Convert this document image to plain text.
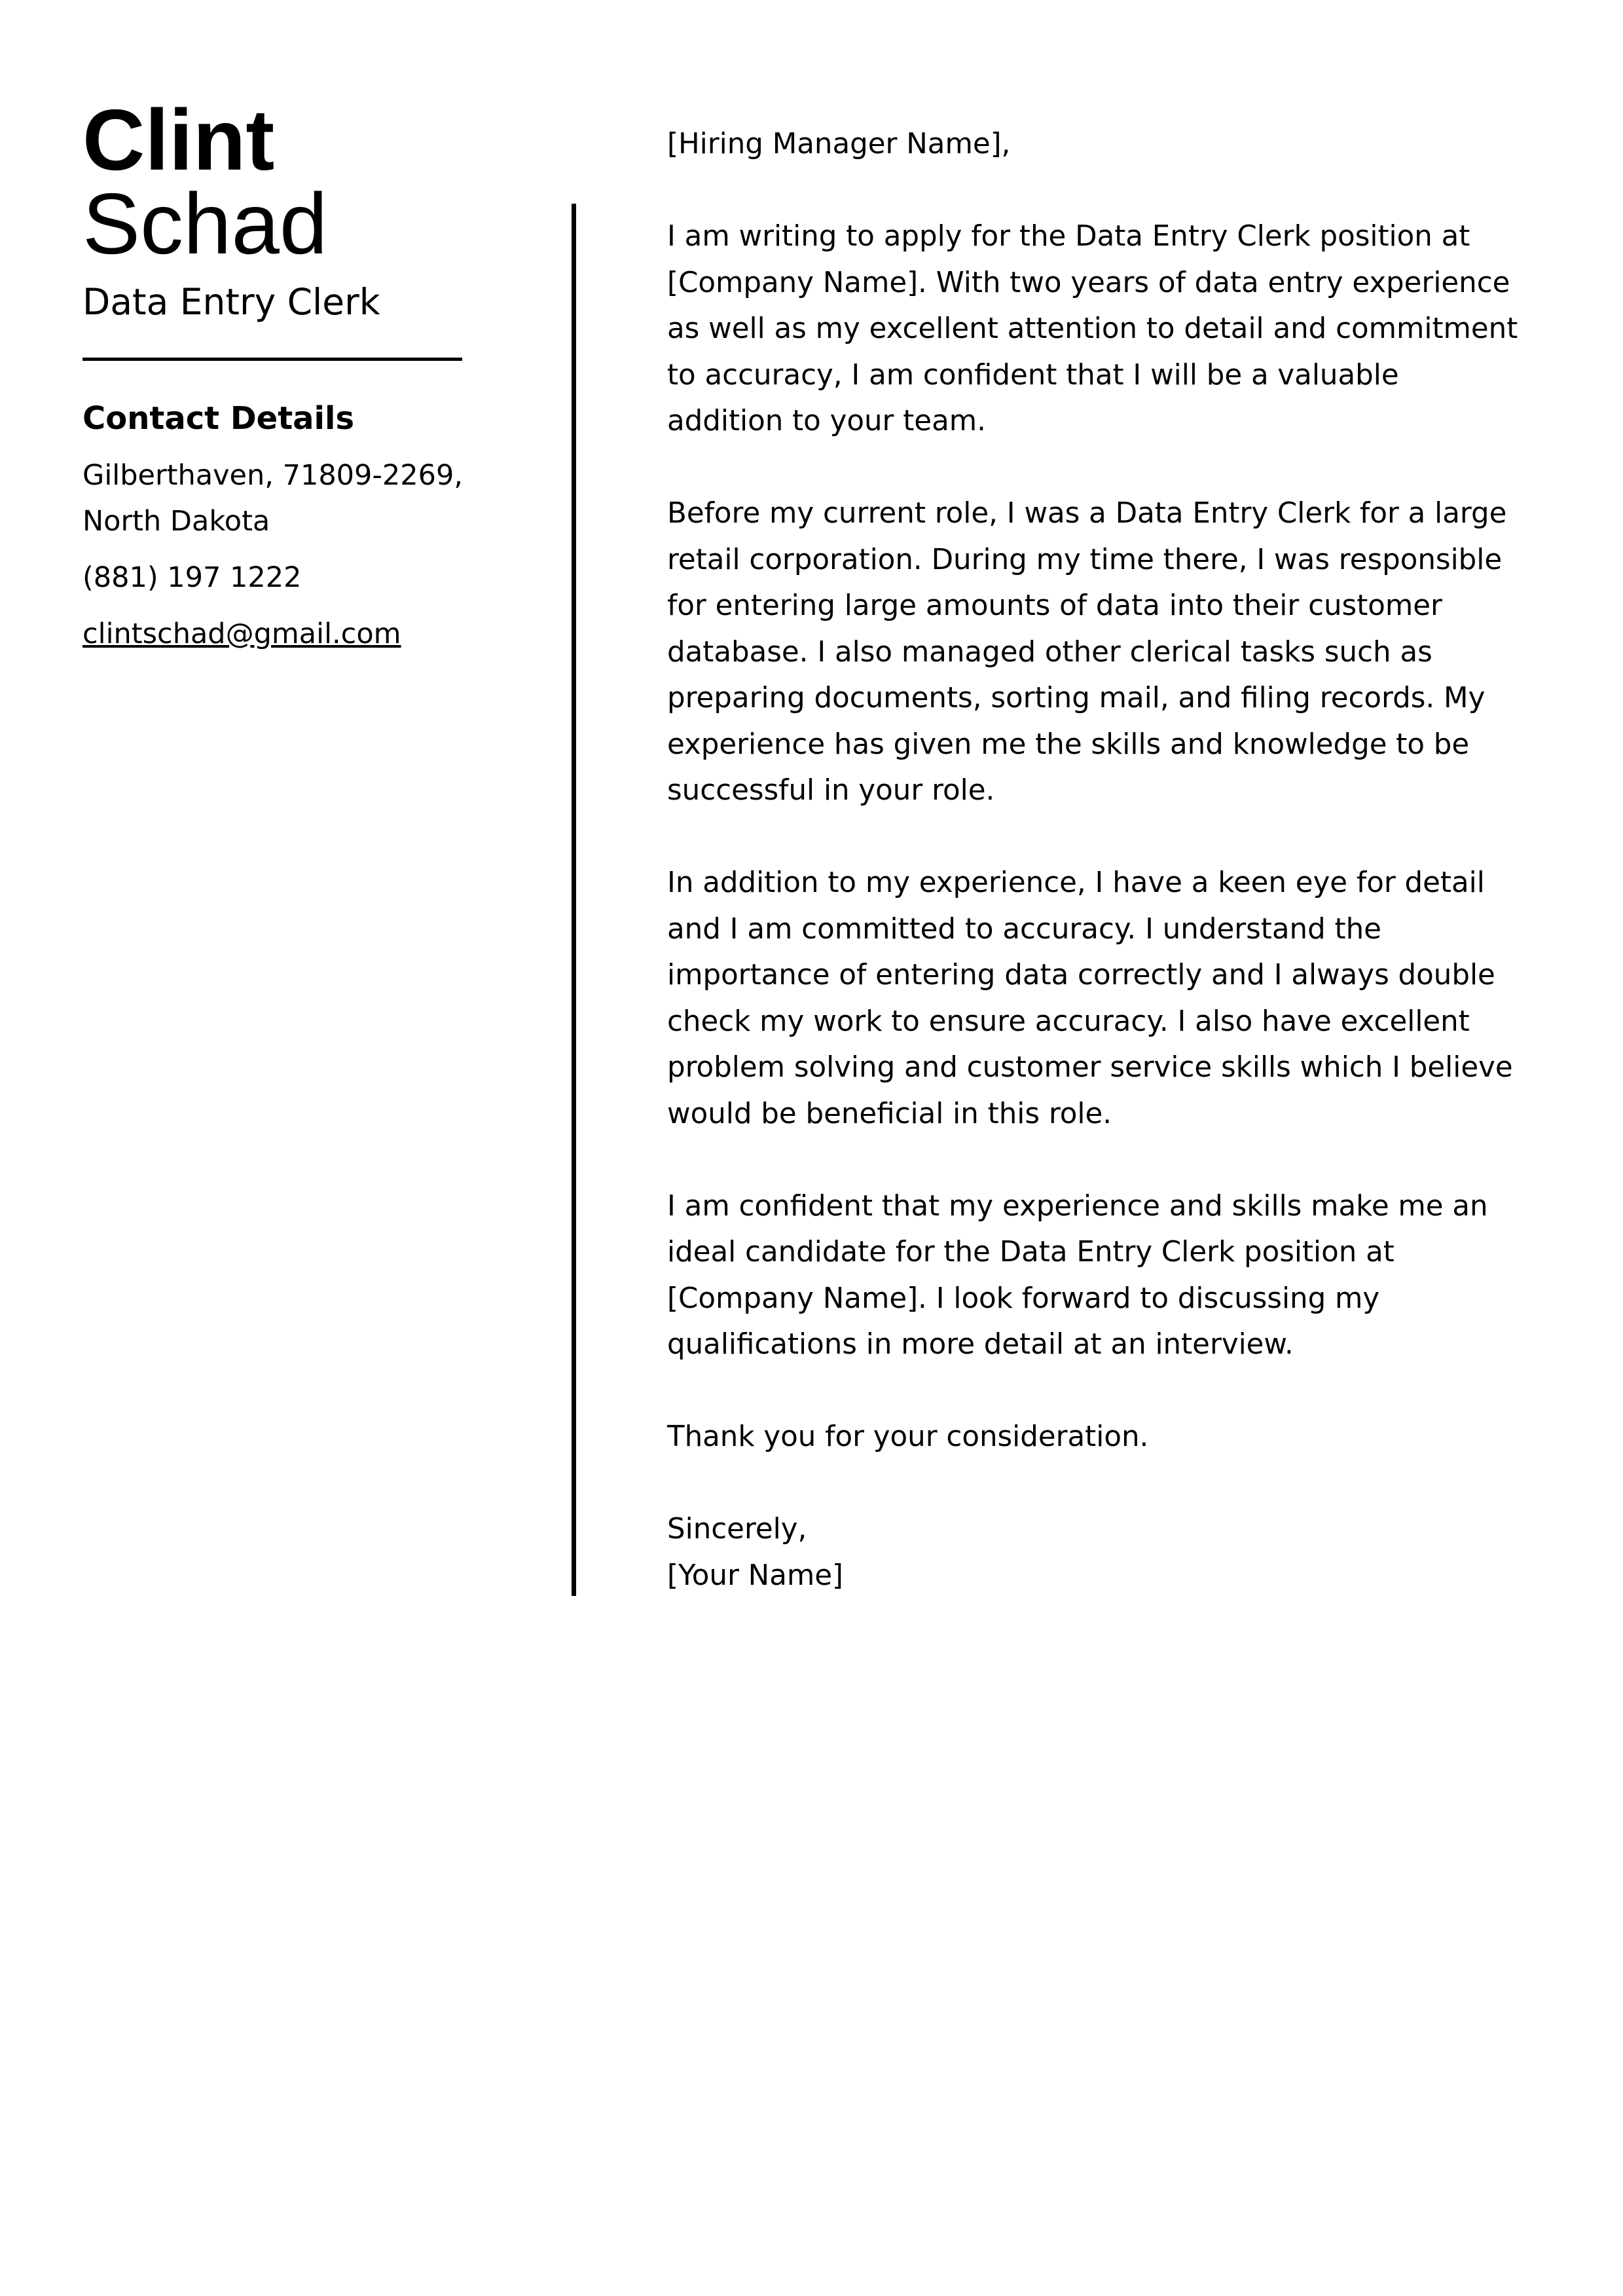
Clint
Schad
Data Entry Clerk
Contact Details
Gilberthaven, 71809-2269, North Dakota
(881) 197 1222
clintschad@gmail.com

[Hiring Manager Name],

I am writing to apply for the Data Entry Clerk position at [Company Name]. With two years of data entry experience as well as my excellent attention to detail and commitment to accuracy, I am confident that I will be a valuable addition to your team.

Before my current role, I was a Data Entry Clerk for a large retail corporation. During my time there, I was responsible for entering large amounts of data into their customer database. I also managed other clerical tasks such as preparing documents, sorting mail, and filing records. My experience has given me the skills and knowledge to be successful in your role.

In addition to my experience, I have a keen eye for detail and I am committed to accuracy. I understand the importance of entering data correctly and I always double check my work to ensure accuracy. I also have excellent problem solving and customer service skills which I believe would be beneficial in this role.

I am confident that my experience and skills make me an ideal candidate for the Data Entry Clerk position at [Company Name]. I look forward to discussing my qualifications in more detail at an interview.

Thank you for your consideration.

Sincerely,

[Your Name]
